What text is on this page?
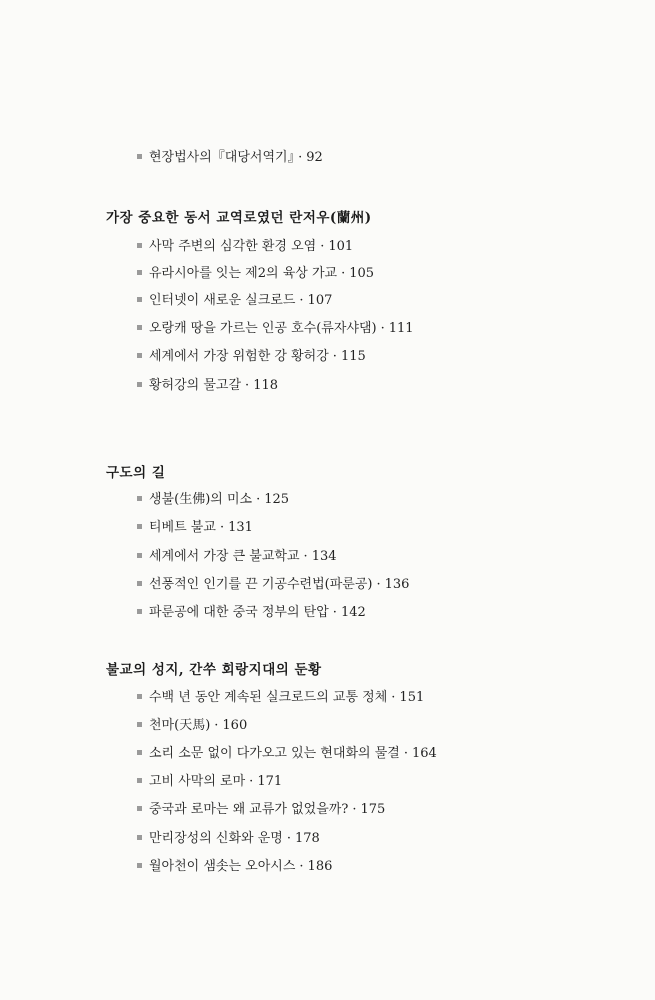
현장법사의『대당서역기』 · 92
가장 중요한 동서 교역로였던 란저우(蘭州)
사막 주변의 심각한 환경 오염 · 101
유라시아를 잇는 제2의 육상 가교 · 105
인터넷이 새로운 실크로드 · 107
오랑캐 땅을 가르는 인공 호수(류자샤댐) · 111
세계에서 가장 위험한 강 황허강 · 115
황허강의 물고갈 · 118
구도의 길
생불(生佛)의 미소 · 125
티베트 불교 · 131
세계에서 가장 큰 불교학교 · 134
선풍적인 인기를 끈 기공수련법(파룬공) · 136
파룬공에 대한 중국 정부의 탄압 · 142
불교의 성지, 간쑤 회랑지대의 둔황
수백 년 동안 계속된 실크로드의 교통 정체 · 151
천마(天馬) · 160
소리 소문 없이 다가오고 있는 현대화의 물결 · 164
고비 사막의 로마 · 171
중국과 로마는 왜 교류가 없었을까? · 175
만리장성의 신화와 운명 · 178
월아천이 샘솟는 오아시스 · 186
